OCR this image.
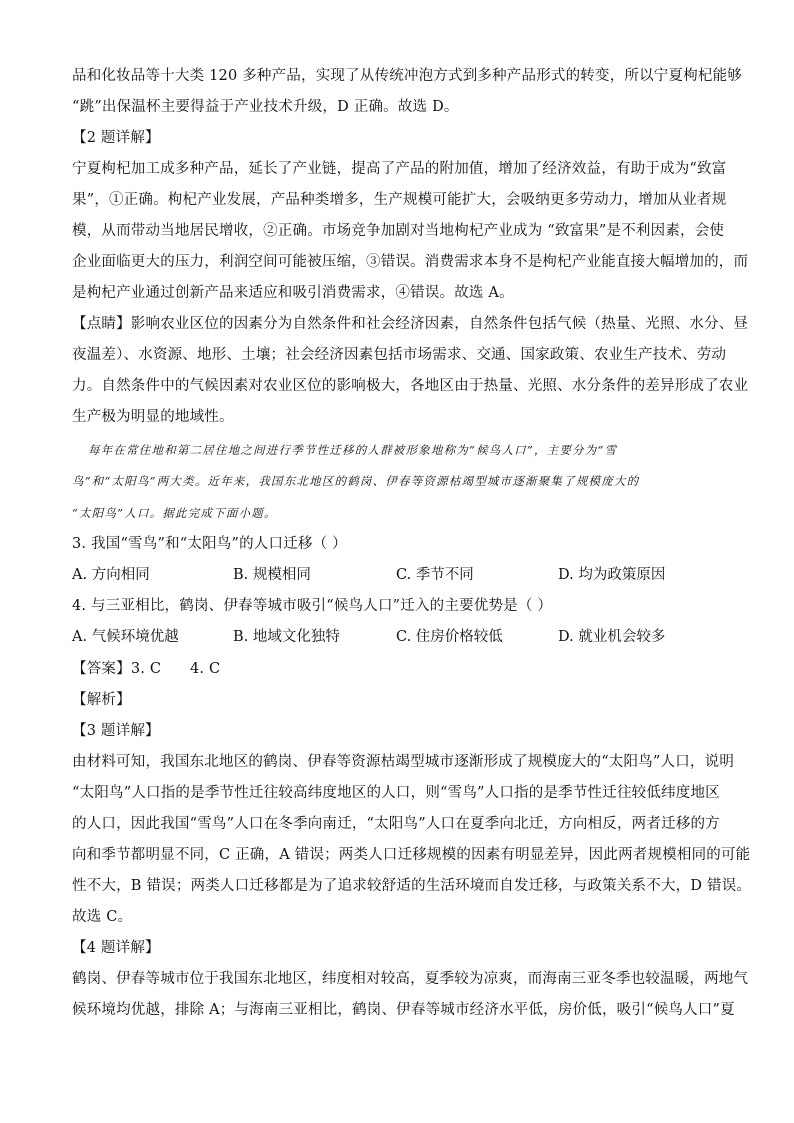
品和化妆品等十大类 120 多种产品，实现了从传统冲泡方式到多种产品形式的转变，所以宁夏枸杞能够
“跳”出保温杯主要得益于产业技术升级，D 正确。故选 D。
【2 题详解】
宁夏枸杞加工成多种产品，延长了产业链，提高了产品的附加值，增加了经济效益，有助于成为“致富
果”，①正确。枸杞产业发展，产品种类增多，生产规模可能扩大，会吸纳更多劳动力，增加从业者规
模，从而带动当地居民增收，②正确。市场竞争加剧对当地枸杞产业成为 “致富果”是不利因素，会使
企业面临更大的压力，利润空间可能被压缩，③错误。消费需求本身不是枸杞产业能直接大幅增加的，而
是枸杞产业通过创新产品来适应和吸引消费需求，④错误。故选 A。
【点睛】影响农业区位的因素分为自然条件和社会经济因素，自然条件包括气候（热量、光照、水分、昼
夜温差）、水资源、地形、土壤；社会经济因素包括市场需求、交通、国家政策、农业生产技术、劳动
力。自然条件中的气候因素对农业区位的影响极大，各地区由于热量、光照、水分条件的差异形成了农业
生产极为明显的地域性。
每年在常住地和第二居住地之间进行季节性迁移的人群被形象地称为“候鸟人口”，主要分为“雪
鸟”和“太阳鸟”两大类。近年来，我国东北地区的鹤岗、伊春等资源枯竭型城市逐渐聚集了规模庞大的
“太阳鸟”人口。据此完成下面小题。
3. 我国“雪鸟”和“太阳鸟”的人口迁移（ ）
A. 方向相同	B. 规模相同	C. 季节不同	D. 均为政策原因
4. 与三亚相比，鹤岗、伊春等城市吸引“候鸟人口”迁入的主要优势是（ ）
A. 气候环境优越	B. 地域文化独特	C. 住房价格较低	D. 就业机会较多
【答案】3. C      4. C
【解析】
【3 题详解】
由材料可知，我国东北地区的鹤岗、伊春等资源枯竭型城市逐渐形成了规模庞大的“太阳鸟”人口，说明
“太阳鸟”人口指的是季节性迁往较高纬度地区的人口，则“雪鸟”人口指的是季节性迁往较低纬度地区
的人口，因此我国“雪鸟”人口在冬季向南迁，“太阳鸟”人口在夏季向北迁，方向相反，两者迁移的方
向和季节都明显不同，C 正确，A 错误；两类人口迁移规模的因素有明显差异，因此两者规模相同的可能
性不大，B 错误；两类人口迁移都是为了追求较舒适的生活环境而自发迁移，与政策关系不大，D 错误。
故选 C。
【4 题详解】
鹤岗、伊春等城市位于我国东北地区，纬度相对较高，夏季较为凉爽，而海南三亚冬季也较温暖，两地气
候环境均优越，排除 A；与海南三亚相比，鹤岗、伊春等城市经济水平低，房价低，吸引“候鸟人口”夏
